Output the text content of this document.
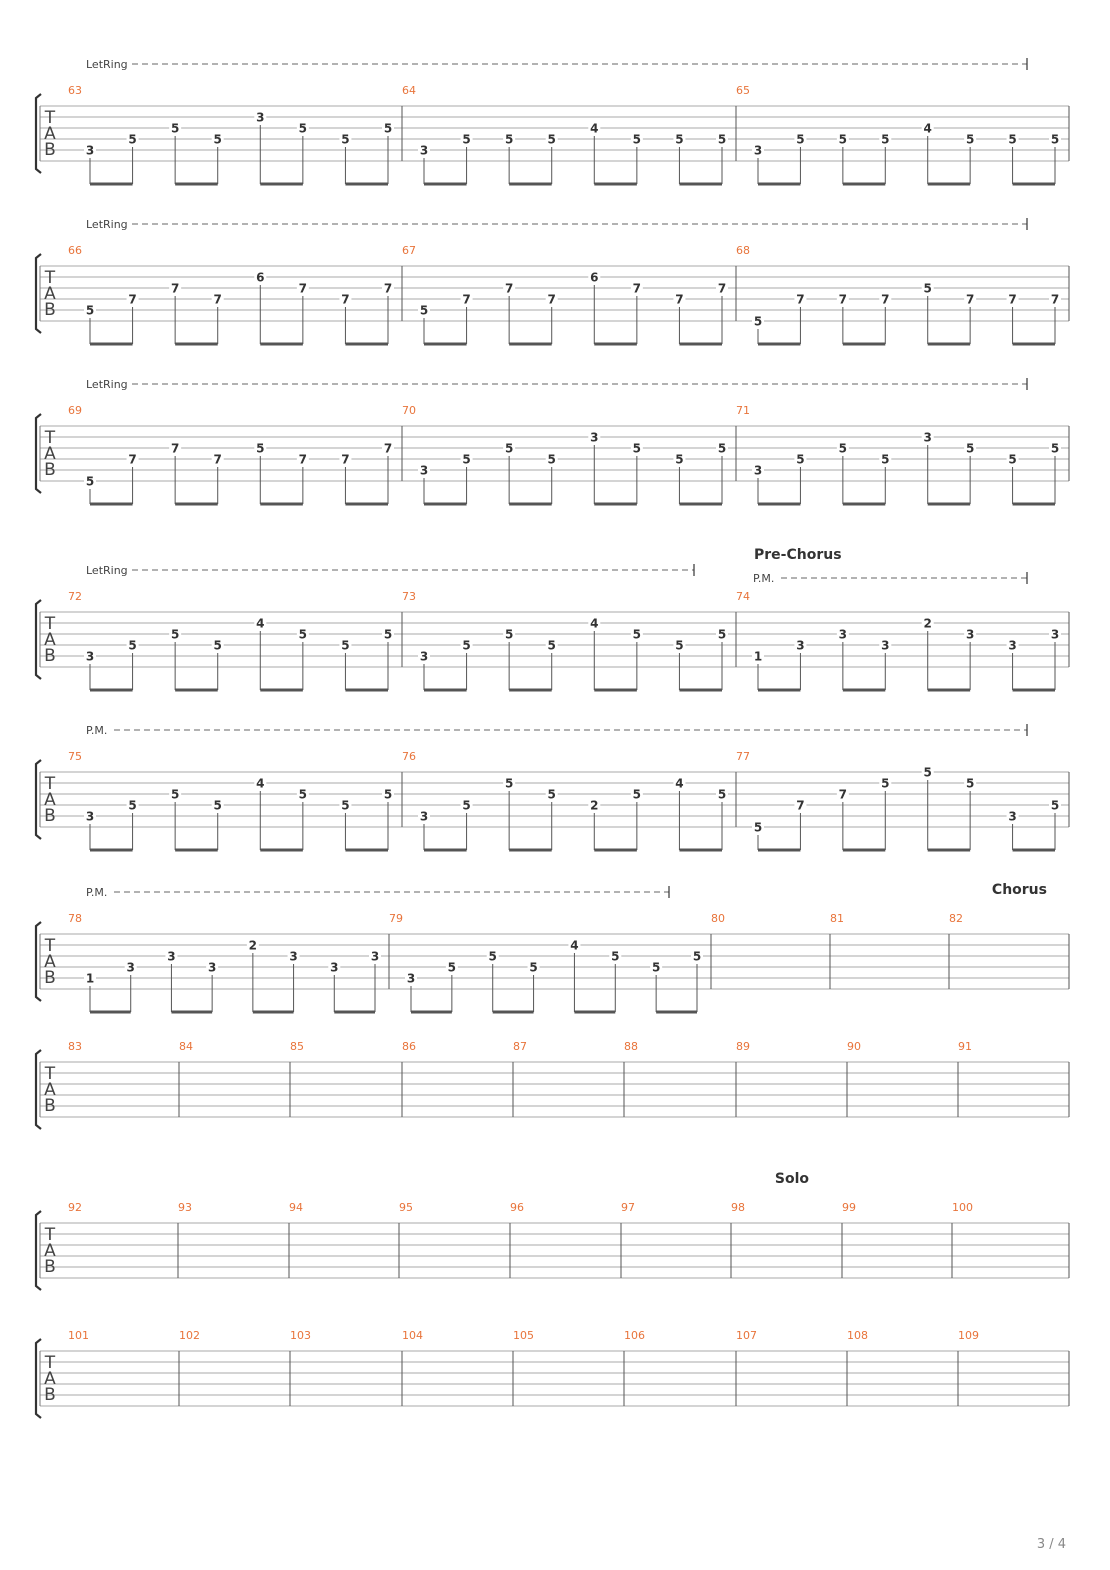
T
A
B
63
3
5
5
5
3
5
5
5
64
3
5	5	5
4
5	5	5
65
3
5	5	5
4
5	5	5
LetRing
T
A
B
66
5
7
7
7
6
7
7
7
67
5
7
7
7
6
7
7
7
68
5
7	7	7
5
7	7	7
LetRing
T
A
B
69
5
7
7
7
5
7	7
7
70
3
5
5
5
3
5
5
5
71
3
5
5
5
3
5
5
5
LetRing
T
A
B
72
3
5
5
5
4
5
5
5
73
3
5
5
5
4
5
5
5
74
1
3
3
3
2
3
3
3
Pre-Chorus
LetRing
P.M.
T
A
B
75
3
5
5
5
4
5
5
5
76
3
5
5
5
2
5
4
5
77
5
7
7
5
5
5
3
5
P.M.
T
A
B
78
1
3
3
3
2
3
3
3
79
3
5
5
5
4
5
5
5
80	81	82
Chorus
P.M.
T
A
B
83	84	85	86	87	88	89	90	91
T
A
B
92	93	94	95	96	97	98	99	100
Solo
T
A
B
101	102	103	104	105	106	107	108	109
3 / 4
